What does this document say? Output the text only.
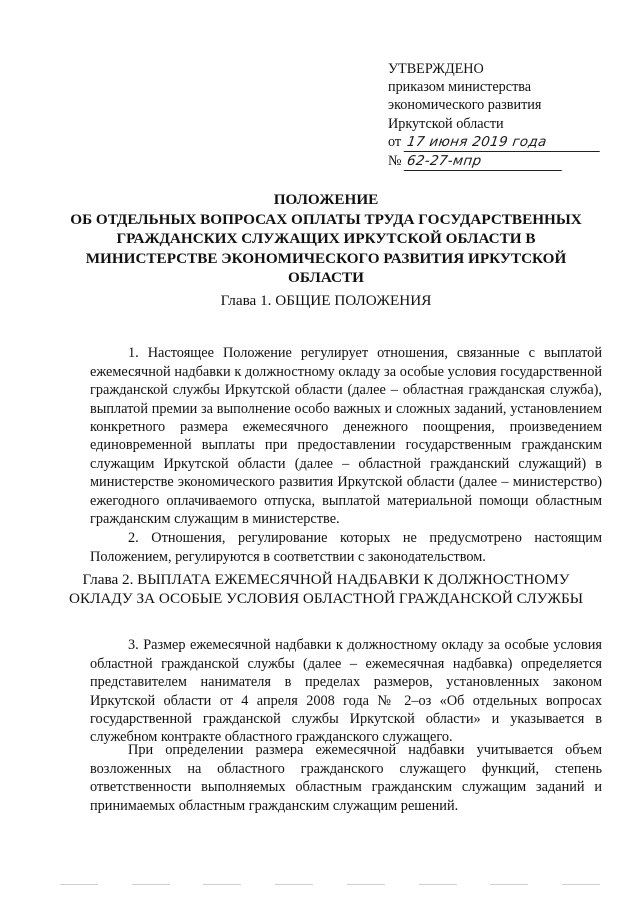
УТВЕРЖДЕНО
приказом министерства
экономического развития
Иркутской области
от 17 июня 2019 года
№ 62-27-мпр
ПОЛОЖЕНИЕ
ОБ ОТДЕЛЬНЫХ ВОПРОСАХ ОПЛАТЫ ТРУДА ГОСУДАРСТВЕННЫХ
ГРАЖДАНСКИХ СЛУЖАЩИХ ИРКУТСКОЙ ОБЛАСТИ В
МИНИСТЕРСТВЕ ЭКОНОМИЧЕСКОГО РАЗВИТИЯ ИРКУТСКОЙ
ОБЛАСТИ
Глава 1. ОБЩИЕ ПОЛОЖЕНИЯ

1. Настоящее Положение регулирует отношения, связанные с выплатой ежемесячной надбавки к должностному окладу за особые условия государственной гражданской службы Иркутской области (далее – областная гражданская служба), выплатой премии за выполнение особо важных и сложных заданий, установлением конкретного размера ежемесячного денежного поощрения, произведением единовременной выплаты при предоставлении государственным гражданским служащим Иркутской области (далее – областной гражданский служащий) в министерстве экономического развития Иркутской области (далее – министерство) ежегодного оплачиваемого отпуска, выплатой материальной помощи областным гражданским служащим в министерстве.

2. Отношения, регулирование которых не предусмотрено настоящим Положением, регулируются в соответствии с законодательством.

Глава 2. ВЫПЛАТА ЕЖЕМЕСЯЧНОЙ НАДБАВКИ К ДОЛЖНОСТНОМУ
ОКЛАДУ ЗА ОСОБЫЕ УСЛОВИЯ ОБЛАСТНОЙ ГРАЖДАНСКОЙ СЛУЖБЫ

3. Размер ежемесячной надбавки к должностному окладу за особые условия областной гражданской службы (далее – ежемесячная надбавка) определяется представителем нанимателя в пределах размеров, установленных законом Иркутской области от 4 апреля 2008 года № 2–оз «Об отдельных вопросах государственной гражданской службы Иркутской области» и указывается в служебном контракте областного гражданского служащего.

При определении размера ежемесячной надбавки учитывается объем возложенных на областного гражданского служащего функций, степень ответственности выполняемых областным гражданским служащим заданий и принимаемых областным гражданским служащим решений.
